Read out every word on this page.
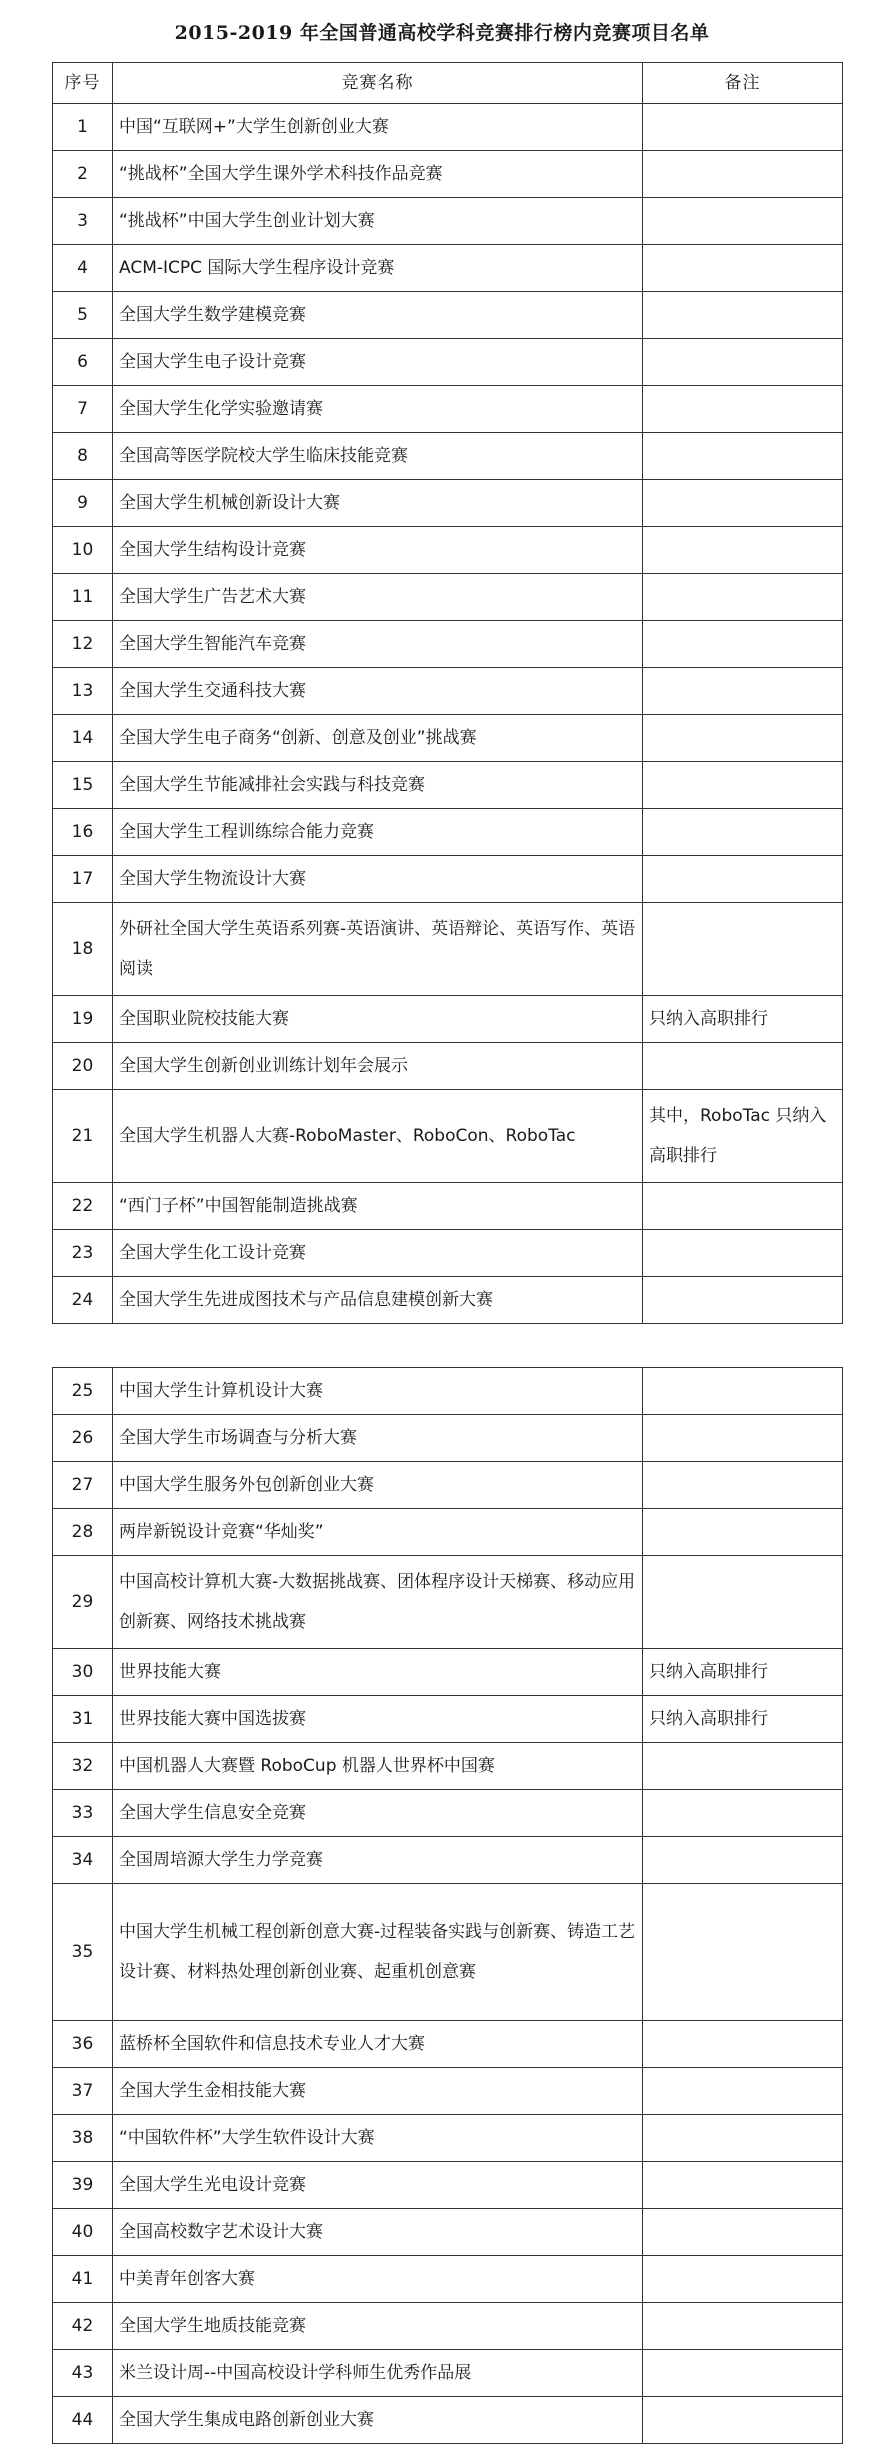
2015-2019 年全国普通高校学科竞赛排行榜内竞赛项目名单
序号	竞赛名称	备注
1	中国“互联网+”大学生创新创业大赛	
2	“挑战杯”全国大学生课外学术科技作品竞赛	
3	“挑战杯”中国大学生创业计划大赛	
4	ACM-ICPC 国际大学生程序设计竞赛	
5	全国大学生数学建模竞赛	
6	全国大学生电子设计竞赛	
7	全国大学生化学实验邀请赛	
8	全国高等医学院校大学生临床技能竞赛	
9	全国大学生机械创新设计大赛	
10	全国大学生结构设计竞赛	
11	全国大学生广告艺术大赛	
12	全国大学生智能汽车竞赛	
13	全国大学生交通科技大赛	
14	全国大学生电子商务“创新、创意及创业”挑战赛	
15	全国大学生节能减排社会实践与科技竞赛	
16	全国大学生工程训练综合能力竞赛	
17	全国大学生物流设计大赛	
18	外研社全国大学生英语系列赛-英语演讲、英语辩论、英语写作、英语阅读	
19	全国职业院校技能大赛	只纳入高职排行
20	全国大学生创新创业训练计划年会展示	
21	全国大学生机器人大赛-RoboMaster、RoboCon、RoboTac	其中，RoboTac 只纳入高职排行
22	“西门子杯”中国智能制造挑战赛	
23	全国大学生化工设计竞赛	
24	全国大学生先进成图技术与产品信息建模创新大赛	
25	中国大学生计算机设计大赛	
26	全国大学生市场调查与分析大赛	
27	中国大学生服务外包创新创业大赛	
28	两岸新锐设计竞赛“华灿奖”	
29	中国高校计算机大赛-大数据挑战赛、团体程序设计天梯赛、移动应用创新赛、网络技术挑战赛	
30	世界技能大赛	只纳入高职排行
31	世界技能大赛中国选拔赛	只纳入高职排行
32	中国机器人大赛暨 RoboCup 机器人世界杯中国赛	
33	全国大学生信息安全竞赛	
34	全国周培源大学生力学竞赛	
35	中国大学生机械工程创新创意大赛-过程装备实践与创新赛、铸造工艺设计赛、材料热处理创新创业赛、起重机创意赛	
36	蓝桥杯全国软件和信息技术专业人才大赛	
37	全国大学生金相技能大赛	
38	“中国软件杯”大学生软件设计大赛	
39	全国大学生光电设计竞赛	
40	全国高校数字艺术设计大赛	
41	中美青年创客大赛	
42	全国大学生地质技能竞赛	
43	米兰设计周--中国高校设计学科师生优秀作品展	
44	全国大学生集成电路创新创业大赛	
